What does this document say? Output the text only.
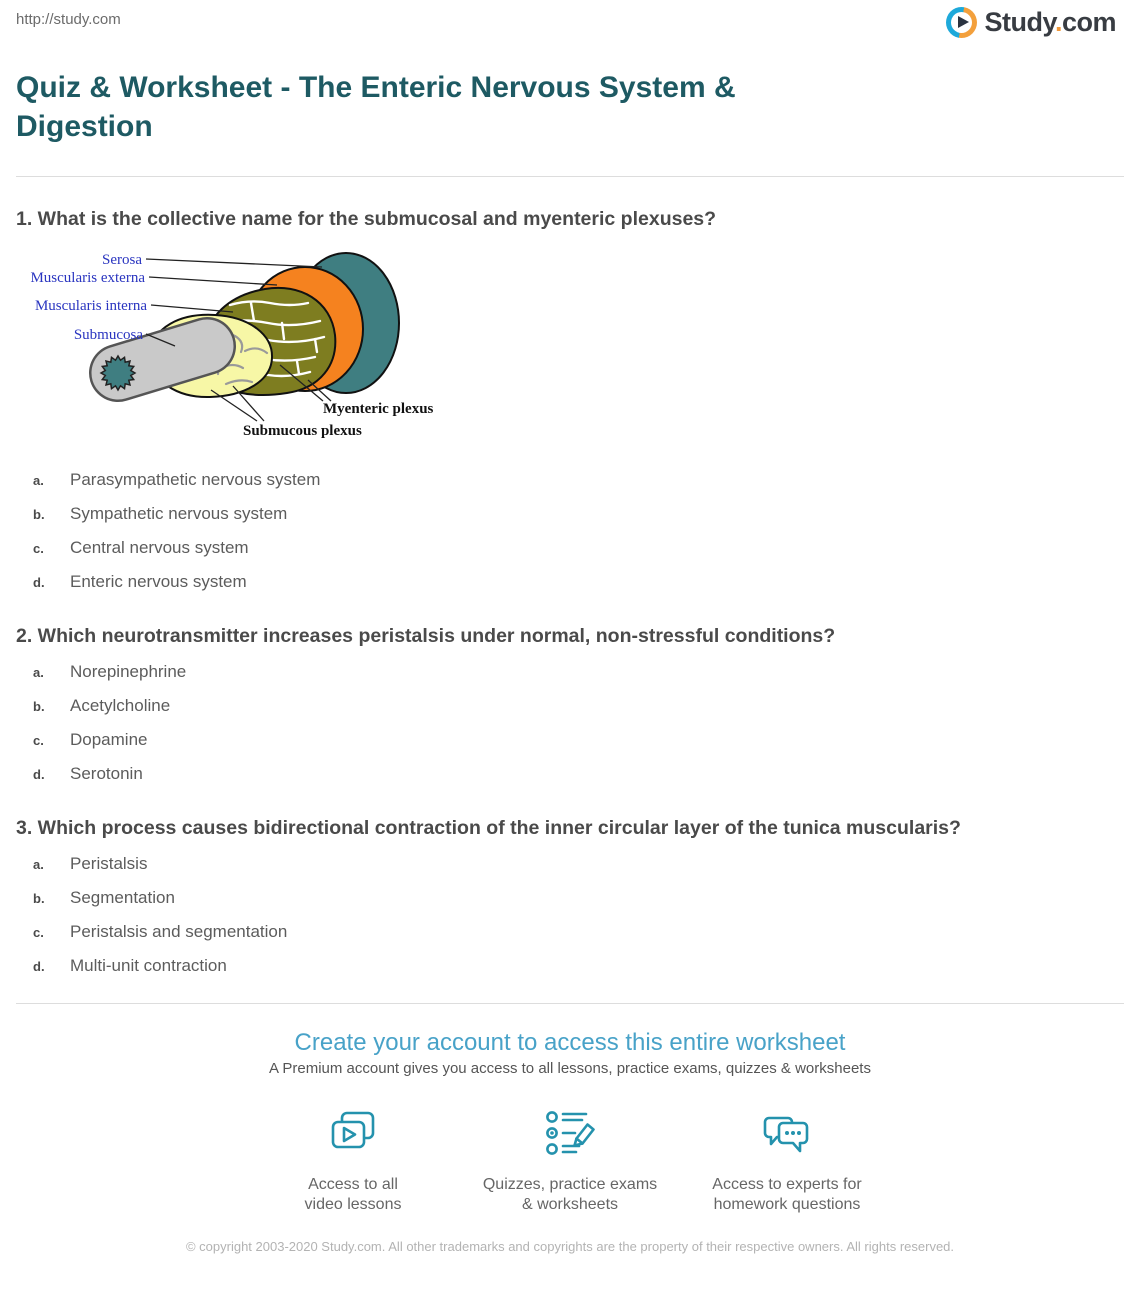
http://study.com	Study.com
Quiz & Worksheet - The Enteric Nervous System & Digestion
1. What is the collective name for the submucosal and myenteric plexuses?
Serosa
Muscularis externa
Muscularis interna
Submucosa
Myenteric plexus
Submucous plexus
a.	Parasympathetic nervous system
b.	Sympathetic nervous system
c.	Central nervous system
d.	Enteric nervous system
2. Which neurotransmitter increases peristalsis under normal, non-stressful conditions?
a.	Norepinephrine
b.	Acetylcholine
c.	Dopamine
d.	Serotonin
3. Which process causes bidirectional contraction of the inner circular layer of the tunica muscularis?
a.	Peristalsis
b.	Segmentation
c.	Peristalsis and segmentation
d.	Multi-unit contraction
Create your account to access this entire worksheet
A Premium account gives you access to all lessons, practice exams, quizzes & worksheets
Access to all
video lessons
Quizzes, practice exams
& worksheets
Access to experts for
homework questions
© copyright 2003-2020 Study.com. All other trademarks and copyrights are the property of their respective owners. All rights reserved.
